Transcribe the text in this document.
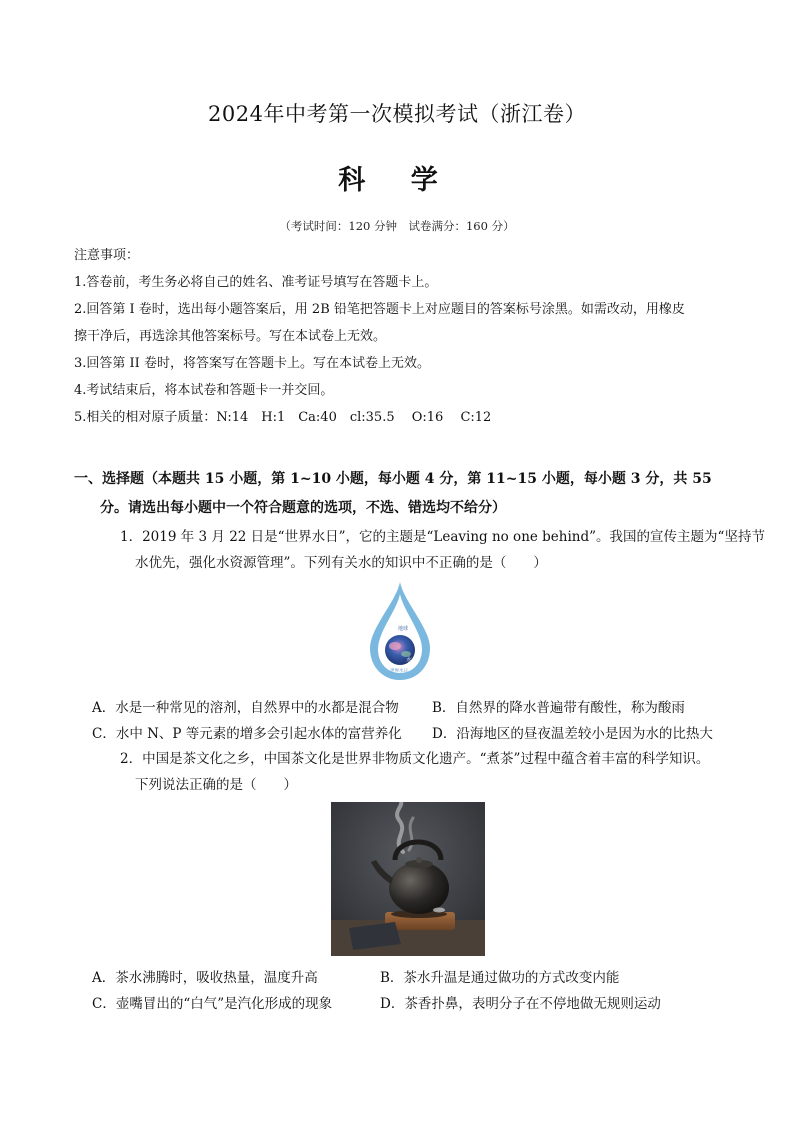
2024年中考第一次模拟考试（浙江卷）
科 学
（考试时间：120 分钟　试卷满分：160 分）
注意事项：
1.答卷前，考生务必将自己的姓名、准考证号填写在答题卡上。
2.回答第 I 卷时，选出每小题答案后，用 2B 铅笔把答题卡上对应题目的答案标号涂黑。如需改动，用橡皮
擦干净后，再选涂其他答案标号。写在本试卷上无效。
3.回答第 II 卷时，将答案写在答题卡上。写在本试卷上无效。
4.考试结束后，将本试卷和答题卡一并交回。
5.相关的相对原子质量：N:14　H:1　Ca:40　cl:35.5　 O:16　 C:12
一、选择题（本题共 15 小题，第 1~10 小题，每小题 4 分，第 11~15 小题，每小题 3 分，共 55
分。请选出每小题中一个符合题意的选项，不选、错选均不给分）
1．2019 年 3 月 22 日是“世界水日”，它的主题是“Leaving no one behind”。我国的宣传主题为“坚持节
水优先，强化水资源管理”。下列有关水的知识中不正确的是（　　）
地球
水
世界水日
A．水是一种常见的溶剂，自然界中的水都是混合物 B．自然界的降水普遍带有酸性，称为酸雨
C．水中 N、P 等元素的增多会引起水体的富营养化 D．沿海地区的昼夜温差较小是因为水的比热大
2．中国是茶文化之乡，中国茶文化是世界非物质文化遗产。“煮茶”过程中蕴含着丰富的科学知识。
下列说法正确的是（　　）
A．茶水沸腾时，吸收热量，温度升高	B．茶水升温是通过做功的方式改变内能
C．壶嘴冒出的“白气”是汽化形成的现象	D．茶香扑鼻，表明分子在不停地做无规则运动
